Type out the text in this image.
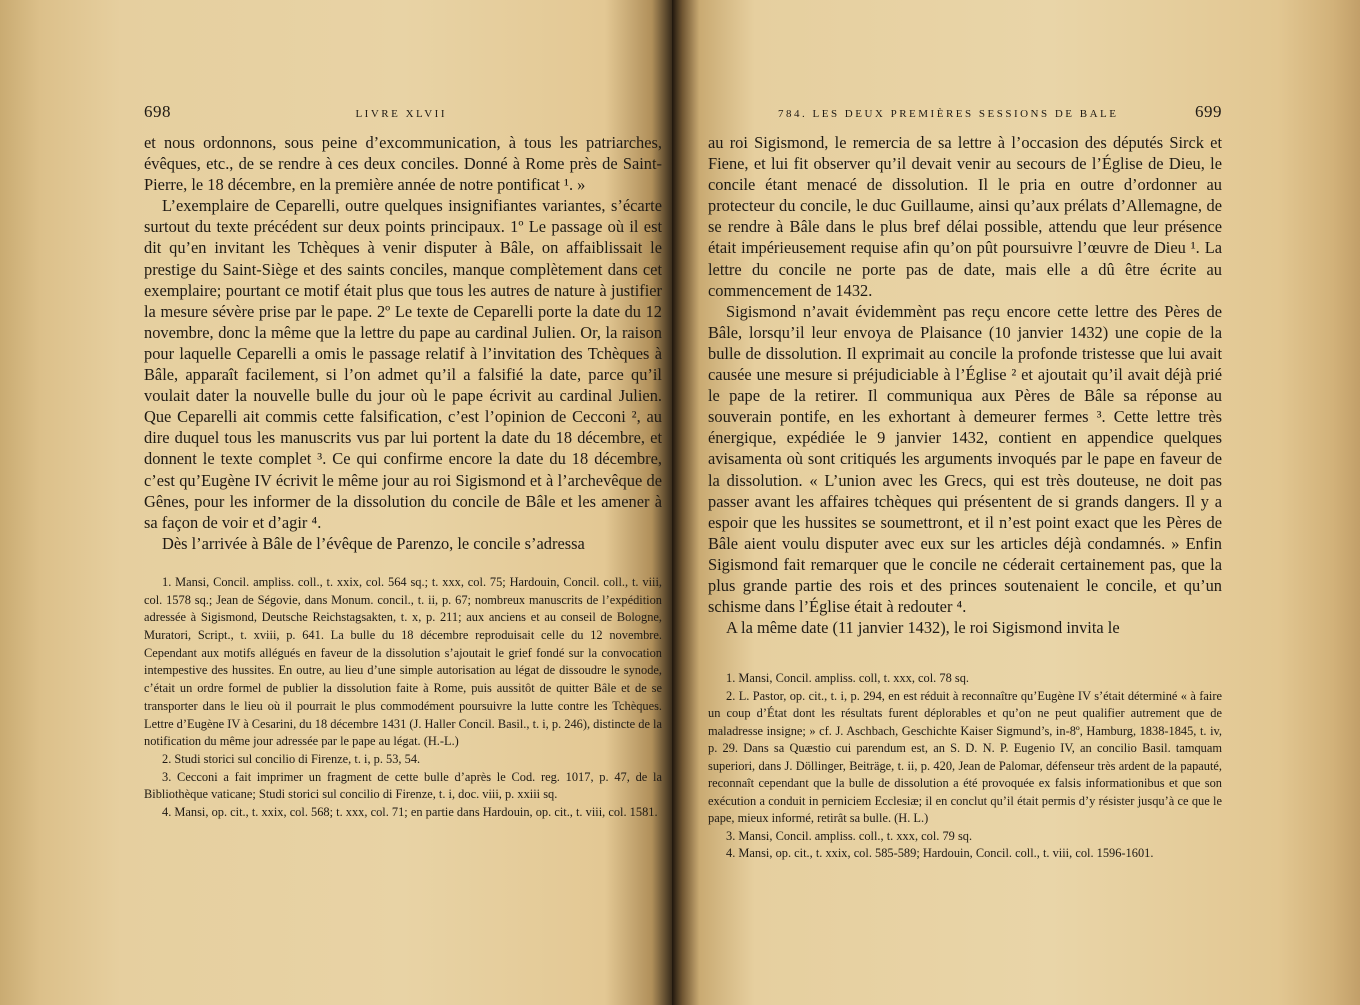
698	LIVRE XLVII

et nous ordonnons, sous peine d’excommunication, à tous les patriarches, évêques, etc., de se rendre à ces deux conciles. Donné à Rome près de Saint-Pierre, le 18 décembre, en la première année de notre pontificat ¹. »

L’exemplaire de Ceparelli, outre quelques insignifiantes variantes, s’écarte surtout du texte précédent sur deux points principaux. 1º Le passage où il est dit qu’en invitant les Tchèques à venir disputer à Bâle, on affaiblissait le prestige du Saint-Siège et des saints conciles, manque complètement dans cet exemplaire; pourtant ce motif était plus que tous les autres de nature à justifier la mesure sévère prise par le pape. 2º Le texte de Ceparelli porte la date du 12 novembre, donc la même que la lettre du pape au cardinal Julien. Or, la raison pour laquelle Ceparelli a omis le passage relatif à l’invitation des Tchèques à Bâle, apparaît facilement, si l’on admet qu’il a falsifié la date, parce qu’il voulait dater la nouvelle bulle du jour où le pape écrivit au cardinal Julien. Que Ceparelli ait commis cette falsification, c’est l’opinion de Cecconi ², au dire duquel tous les manuscrits vus par lui portent la date du 18 décembre, et donnent le texte complet ³. Ce qui confirme encore la date du 18 décembre, c’est qu’Eugène IV écrivit le même jour au roi Sigismond et à l’archevêque de Gênes, pour les informer de la dissolution du concile de Bâle et les amener à sa façon de voir et d’agir ⁴.

Dès l’arrivée à Bâle de l’évêque de Parenzo, le concile s’adressa

1. Mansi, Concil. ampliss. coll., t. xxix, col. 564 sq.; t. xxx, col. 75; Hardouin, Concil. coll., t. viii, col. 1578 sq.; Jean de Ségovie, dans Monum. concil., t. ii, p. 67; nombreux manuscrits de l’expédition adressée à Sigismond, Deutsche Reichstagsakten, t. x, p. 211; aux anciens et au conseil de Bologne, Muratori, Script., t. xviii, p. 641. La bulle du 18 décembre reproduisait celle du 12 novembre. Cependant aux motifs allégués en faveur de la dissolution s’ajoutait le grief fondé sur la convocation intempestive des hussites. En outre, au lieu d’une simple autorisation au légat de dissoudre le synode, c’était un ordre formel de publier la dissolution faite à Rome, puis aussitôt de quitter Bâle et de se transporter dans le lieu où il pourrait le plus commodément poursuivre la lutte contre les Tchèques. Lettre d’Eugène IV à Cesarini, du 18 décembre 1431 (J. Haller Concil. Basil., t. i, p. 246), distincte de la notification du même jour adressée par le pape au légat. (H.-L.)

2. Studi storici sul concilio di Firenze, t. i, p. 53, 54.

3. Cecconi a fait imprimer un fragment de cette bulle d’après le Cod. reg. 1017, p. 47, de la Bibliothèque vaticane; Studi storici sul concilio di Firenze, t. i, doc. viii, p. xxiii sq.

4. Mansi, op. cit., t. xxix, col. 568; t. xxx, col. 71; en partie dans Hardouin, op. cit., t. viii, col. 1581.

784. LES DEUX PREMIÈRES SESSIONS DE BALE	699

au roi Sigismond, le remercia de sa lettre à l’occasion des députés Sirck et Fiene, et lui fit observer qu’il devait venir au secours de l’Église de Dieu, le concile étant menacé de dissolution. Il le pria en outre d’ordonner au protecteur du concile, le duc Guillaume, ainsi qu’aux prélats d’Allemagne, de se rendre à Bâle dans le plus bref délai possible, attendu que leur présence était impérieusement requise afin qu’on pût poursuivre l’œuvre de Dieu ¹. La lettre du concile ne porte pas de date, mais elle a dû être écrite au commencement de 1432.

Sigismond n’avait évidemmènt pas reçu encore cette lettre des Pères de Bâle, lorsqu’il leur envoya de Plaisance (10 janvier 1432) une copie de la bulle de dissolution. Il exprimait au concile la profonde tristesse que lui avait causée une mesure si préjudiciable à l’Église ² et ajoutait qu’il avait déjà prié le pape de la retirer. Il communiqua aux Pères de Bâle sa réponse au souverain pontife, en les exhortant à demeurer fermes ³. Cette lettre très énergique, expédiée le 9 janvier 1432, contient en appendice quelques avisamenta où sont critiqués les arguments invoqués par le pape en faveur de la dissolution. « L’union avec les Grecs, qui est très douteuse, ne doit pas passer avant les affaires tchèques qui présentent de si grands dangers. Il y a espoir que les hussites se soumettront, et il n’est point exact que les Pères de Bâle aient voulu disputer avec eux sur les articles déjà condamnés. » Enfin Sigismond fait remarquer que le concile ne céderait certainement pas, que la plus grande partie des rois et des princes soutenaient le concile, et qu’un schisme dans l’Église était à redouter ⁴.

A la même date (11 janvier 1432), le roi Sigismond invita le

1. Mansi, Concil. ampliss. coll, t. xxx, col. 78 sq.

2. L. Pastor, op. cit., t. i, p. 294, en est réduit à reconnaître qu’Eugène IV s’était déterminé « à faire un coup d’État dont les résultats furent déplorables et qu’on ne peut qualifier autrement que de maladresse insigne; » cf. J. Aschbach, Geschichte Kaiser Sigmund’s, in-8º, Hamburg, 1838-1845, t. iv, p. 29. Dans sa Quæstio cui parendum est, an S. D. N. P. Eugenio IV, an concilio Basil. tamquam superiori, dans J. Döllinger, Beiträge, t. ii, p. 420, Jean de Palomar, défenseur très ardent de la papauté, reconnaît cependant que la bulle de dissolution a été provoquée ex falsis informationibus et que son exécution a conduit in perniciem Ecclesiæ; il en conclut qu’il était permis d’y résister jusqu’à ce que le pape, mieux informé, retirât sa bulle. (H. L.)

3. Mansi, Concil. ampliss. coll., t. xxx, col. 79 sq.

4. Mansi, op. cit., t. xxix, col. 585-589; Hardouin, Concil. coll., t. viii, col. 1596-1601.
